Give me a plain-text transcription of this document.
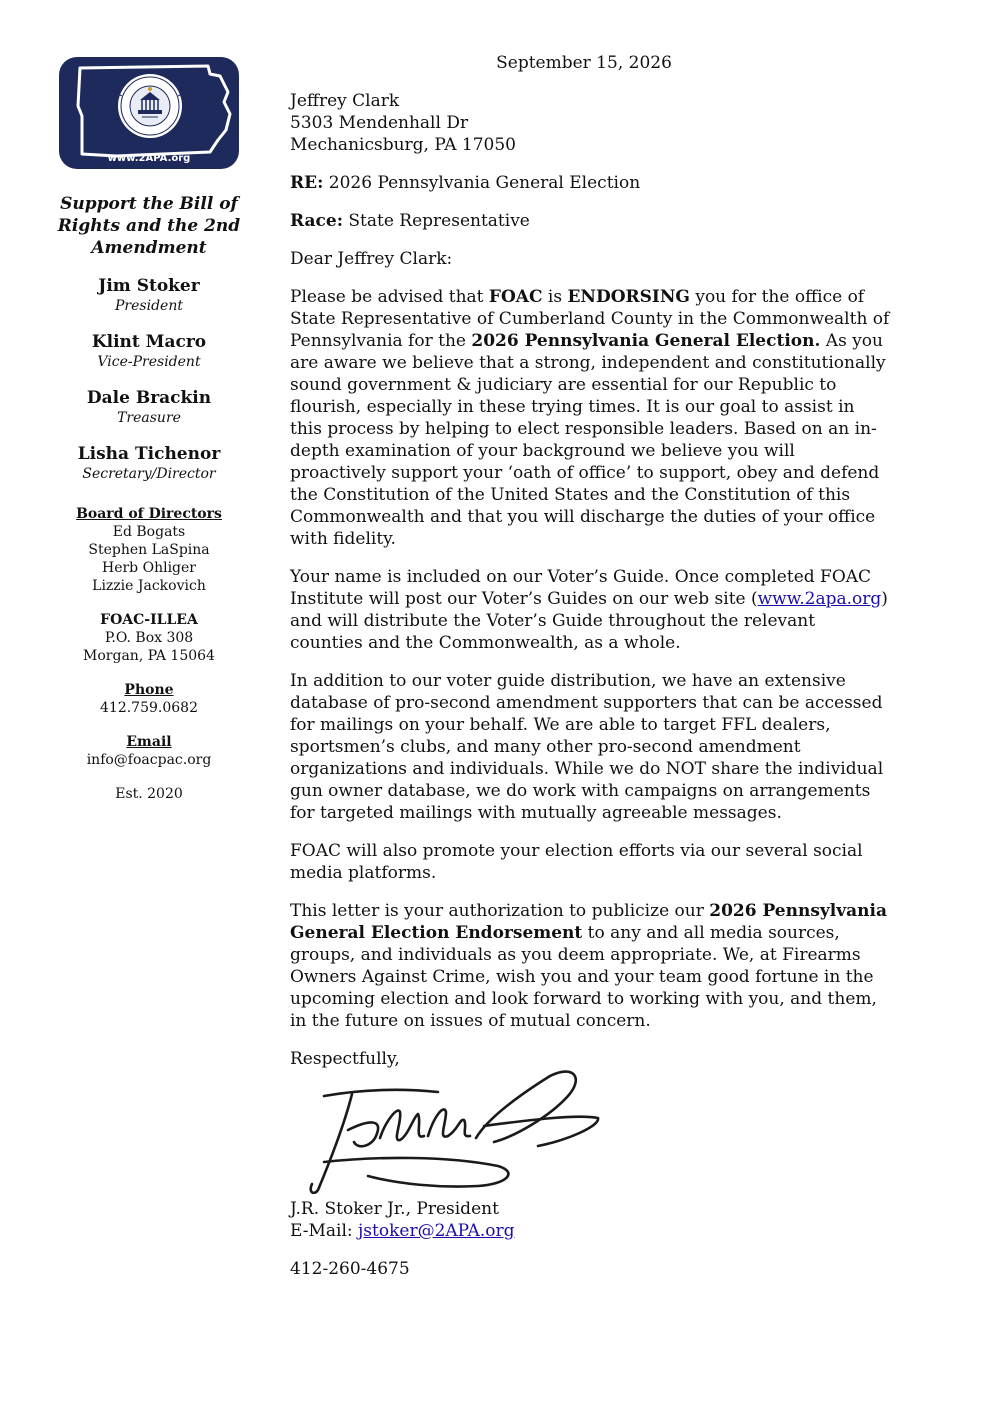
www.2APA.org
Support the Bill of Rights and the 2nd Amendment
Jim Stoker
President
Klint Macro
Vice-President
Dale Brackin
Treasure
Lisha Tichenor
Secretary/Director
Board of Directors
Ed Bogats
Stephen LaSpina
Herb Ohliger
Lizzie Jackovich
FOAC-ILLEA
P.O. Box 308
Morgan, PA 15064
Phone
412.759.0682
Email
info@foacpac.org
Est. 2020
September 15, 2026
Jeffrey Clark
5303 Mendenhall Dr
Mechanicsburg, PA 17050
RE: 2026 Pennsylvania General Election
Race: State Representative
Dear Jeffrey Clark:
Please be advised that FOAC is ENDORSING you for the office of State Representative of Cumberland County in the Commonwealth of Pennsylvania for the 2026 Pennsylvania General Election. As you are aware we believe that a strong, independent and constitutionally sound government & judiciary are essential for our Republic to flourish, especially in these trying times. It is our goal to assist in this process by helping to elect responsible leaders. Based on an in-depth examination of your background we believe you will proactively support your ‘oath of office’ to support, obey and defend the Constitution of the United States and the Constitution of this Commonwealth and that you will discharge the duties of your office with fidelity.
Your name is included on our Voter’s Guide. Once completed FOAC Institute will post our Voter’s Guides on our web site (www.2apa.org) and will distribute the Voter’s Guide throughout the relevant counties and the Commonwealth, as a whole.
In addition to our voter guide distribution, we have an extensive database of pro-second amendment supporters that can be accessed for mailings on your behalf. We are able to target FFL dealers, sportsmen’s clubs, and many other pro-second amendment organizations and individuals. While we do NOT share the individual gun owner database, we do work with campaigns on arrangements for targeted mailings with mutually agreeable messages.
FOAC will also promote your election efforts via our several social media platforms.
This letter is your authorization to publicize our 2026 Pennsylvania General Election Endorsement to any and all media sources, groups, and individuals as you deem appropriate. We, at Firearms Owners Against Crime, wish you and your team good fortune in the upcoming election and look forward to working with you, and them, in the future on issues of mutual concern.
Respectfully,
J.R. Stoker Jr., President
E-Mail: jstoker@2APA.org
412-260-4675
